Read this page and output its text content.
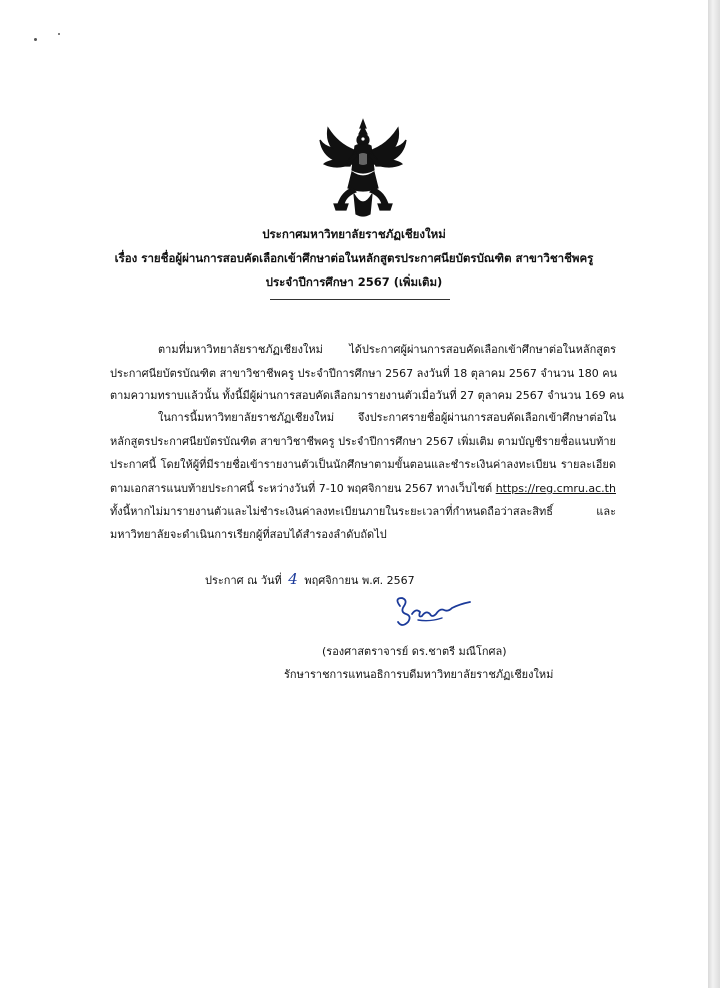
ประกาศมหาวิทยาลัยราชภัฏเชียงใหม่
เรื่อง รายชื่อผู้ผ่านการสอบคัดเลือกเข้าศึกษาต่อในหลักสูตรประกาศนียบัตรบัณฑิต สาขาวิชาชีพครู
ประจำปีการศึกษา 2567 (เพิ่มเติม)
ตามที่มหาวิทยาลัยราชภัฏเชียงใหม่ ได้ประกาศผู้ผ่านการสอบคัดเลือกเข้าศึกษาต่อในหลักสูตร
ประกาศนียบัตรบัณฑิต สาขาวิชาชีพครู ประจำปีการศึกษา 2567 ลงวันที่ 18 ตุลาคม 2567 จำนวน 180 คน
ตามความทราบแล้วนั้น ทั้งนี้มีผู้ผ่านการสอบคัดเลือกมารายงานตัวเมื่อวันที่ 27 ตุลาคม 2567 จำนวน 169 คน
ในการนี้มหาวิทยาลัยราชภัฏเชียงใหม่ จึงประกาศรายชื่อผู้ผ่านการสอบคัดเลือกเข้าศึกษาต่อใน
หลักสูตรประกาศนียบัตรบัณฑิต สาขาวิชาชีพครู ประจำปีการศึกษา 2567 เพิ่มเติม ตามบัญชีรายชื่อแนบท้าย
ประกาศนี้ โดยให้ผู้ที่มีรายชื่อเข้ารายงานตัวเป็นนักศึกษาตามขั้นตอนและชำระเงินค่าลงทะเบียน รายละเอียด
ตามเอกสารแนบท้ายประกาศนี้ ระหว่างวันที่ 7-10 พฤศจิกายน 2567 ทางเว็บไซต์ https://reg.cmru.ac.th
ทั้งนี้หากไม่มารายงานตัวและไม่ชำระเงินค่าลงทะเบียนภายในระยะเวลาที่กำหนดถือว่าสละสิทธิ์ และ
มหาวิทยาลัยจะดำเนินการเรียกผู้ที่สอบได้สำรองลำดับถัดไป
ประกาศ ณ วันที่ 4 พฤศจิกายน พ.ศ. 2567
(รองศาสตราจารย์ ดร.ชาตรี มณีโกศล)
รักษาราชการแทนอธิการบดีมหาวิทยาลัยราชภัฏเชียงใหม่
